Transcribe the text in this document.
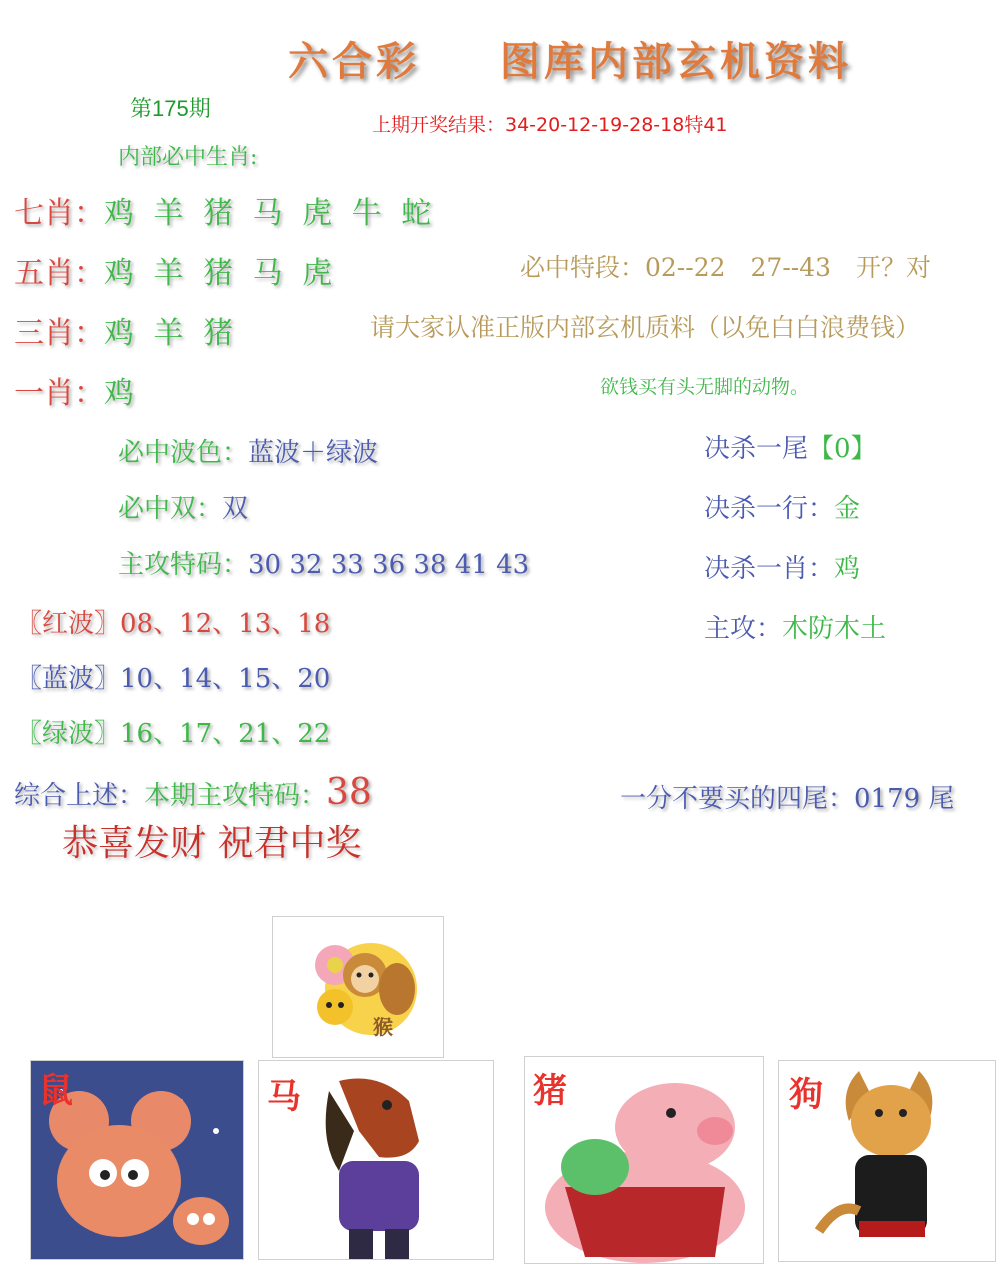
六合彩 图库内部玄机资料
第175期
上期开奖结果：34-20-12-19-28-18特41
内部必中生肖:
七肖：鸡 羊 猪 马 虎 牛 蛇
五肖：鸡 羊 猪 马 虎
三肖：鸡 羊 猪
一肖：鸡
必中特段：02--22　27--43　开？对
请大家认准正版内部玄机质料（以免白白浪费钱）
欲钱买有头无脚的动物。
必中波色：蓝波＋绿波
必中双：双
主攻特码：30 32 33 36 38 41 43
决杀一尾【0】
决杀一行：金
决杀一肖：鸡
主攻：木防木土
〖红波〗08、12、13、18
〖蓝波〗10、14、15、20
〖绿波〗16、17、21、22
综合上述：本期主攻特码：38	一分不要买的四尾：0179 尾
恭喜发财 祝君中奖
猴
鼠	马	猪	狗
